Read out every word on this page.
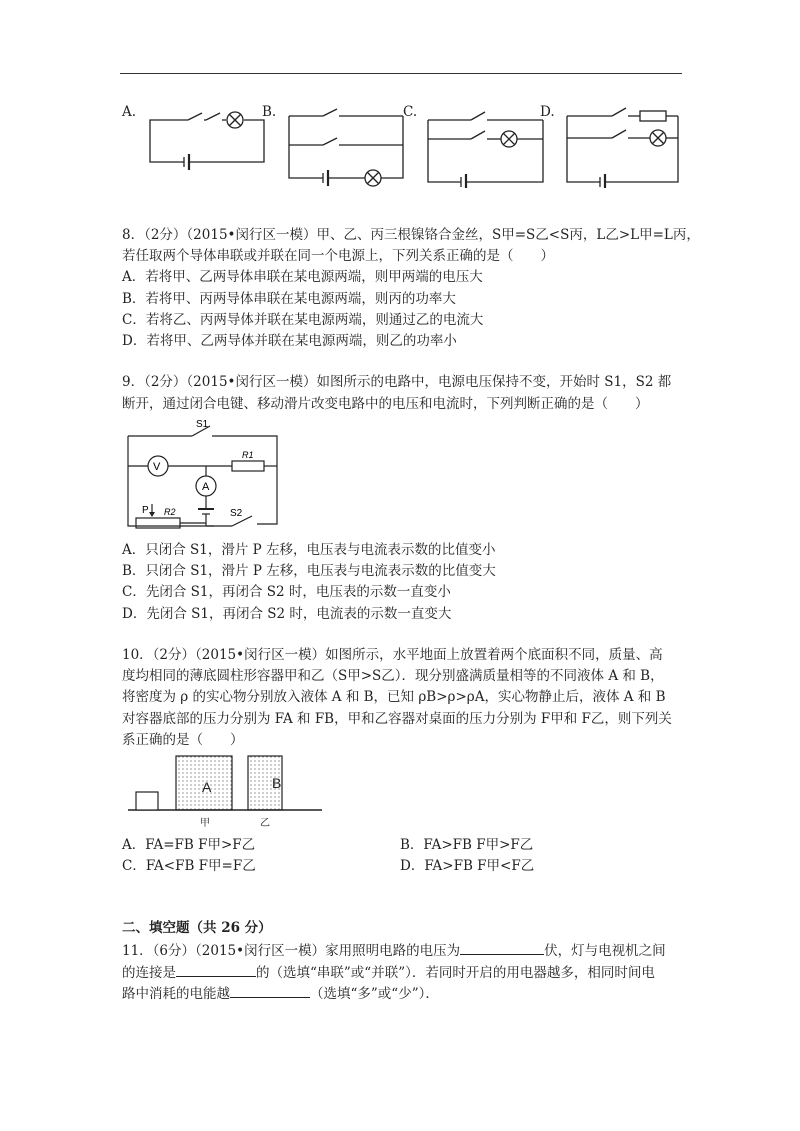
A.	B.	C.	D.
8．（2分）（2015•闵行区一模）甲、乙、丙三根镍铬合金丝，S甲=S乙<S丙，L乙>L甲=L丙，
若任取两个导体串联或并联在同一个电源上，下列关系正确的是（　　）
A．若将甲、乙两导体串联在某电源两端，则甲两端的电压大
B．若将甲、丙两导体串联在某电源两端，则丙的功率大
C．若将乙、丙两导体并联在某电源两端，则通过乙的电流大
D．若将甲、乙两导体并联在某电源两端，则乙的功率小
9．（2分）（2015•闵行区一模）如图所示的电路中，电源电压保持不变，开始时 S1，S2 都
断开，通过闭合电键、移动滑片改变电路中的电压和电流时，下列判断正确的是（　　）
S1
V
A
R1
R2
P	S2
A．只闭合 S1，滑片 P 左移，电压表与电流表示数的比值变小
B．只闭合 S1，滑片 P 左移，电压表与电流表示数的比值变大
C．先闭合 S1，再闭合 S2 时，电压表的示数一直变小
D．先闭合 S1，再闭合 S2 时，电流表的示数一直变大
10．（2分）（2015•闵行区一模）如图所示，水平地面上放置着两个底面积不同，质量、高
度均相同的薄底圆柱形容器甲和乙（S甲>S乙）．现分别盛满质量相等的不同液体 A 和 B，
将密度为 ρ 的实心物分别放入液体 A 和 B，已知 ρB>ρ>ρA，实心物静止后，液体 A 和 B
对容器底部的压力分别为 FA 和 FB，甲和乙容器对桌面的压力分别为 F甲和 F乙，则下列关
系正确的是（　　）
A	B
甲	乙
A．FA=FB F甲>F乙	B．FA>FB F甲>F乙
C．FA<FB F甲=F乙	D．FA>FB F甲<F乙
二、填空题（共 26 分）
11．（6分）（2015•闵行区一模）家用照明电路的电压为	伏，灯与电视机之间
的连接是	的（选填“串联”或“并联”）．若同时开启的用电器越多，相同时间电
路中消耗的电能越	（选填“多”或“少”）．
